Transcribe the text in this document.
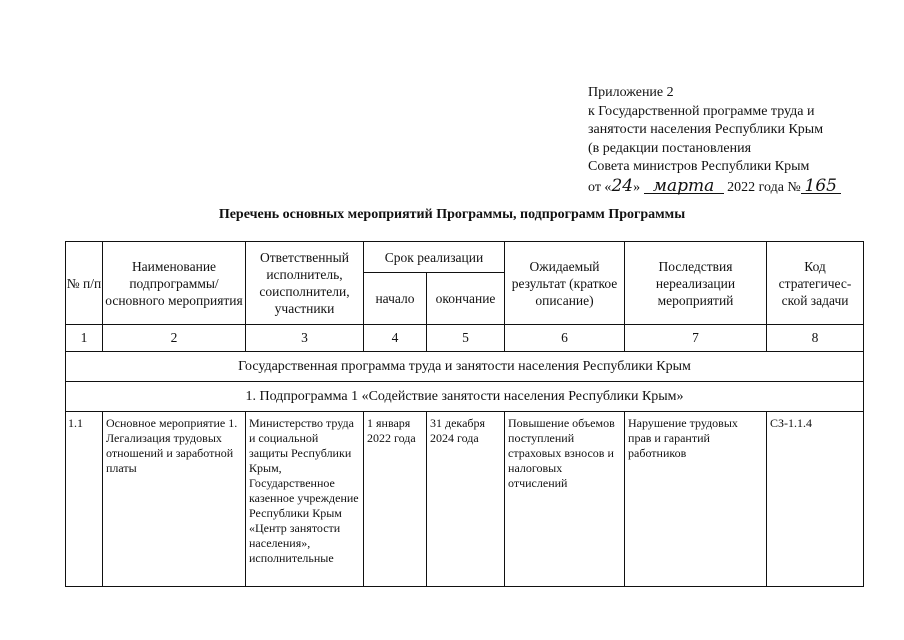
Приложение 2
к Государственной программе труда и
занятости населения Республики Крым
(в редакции постановления
Совета министров Республики Крым
от «24» марта 2022 года № 165
Перечень основных мероприятий Программы, подпрограмм Программы
№ п/п	Наименование подпрограммы/ основного мероприятия	Ответственный исполнитель, соисполнители, участники	Срок реализации		Ожидаемый результат (краткое описание)	Последствия нереализации мероприятий	Код стратегичес-ской задачи
			начало	окончание			
1	2	3	4	5	6	7	8
Государственная программа труда и занятости населения Республики Крым							
1. Подпрограмма 1 «Содействие занятости населения Республики Крым»							
1.1	Основное мероприятие 1. Легализация трудовых отношений и заработной платы	Министерство труда и социальной защиты Республики Крым, Государственное казенное учреждение Республики Крым «Центр занятости населения», исполнительные	1 января 2022 года	31 декабря 2024 года	Повышение объемов поступлений страховых взносов и налоговых отчислений	Нарушение трудовых прав и гарантий работников	СЗ-1.1.4
